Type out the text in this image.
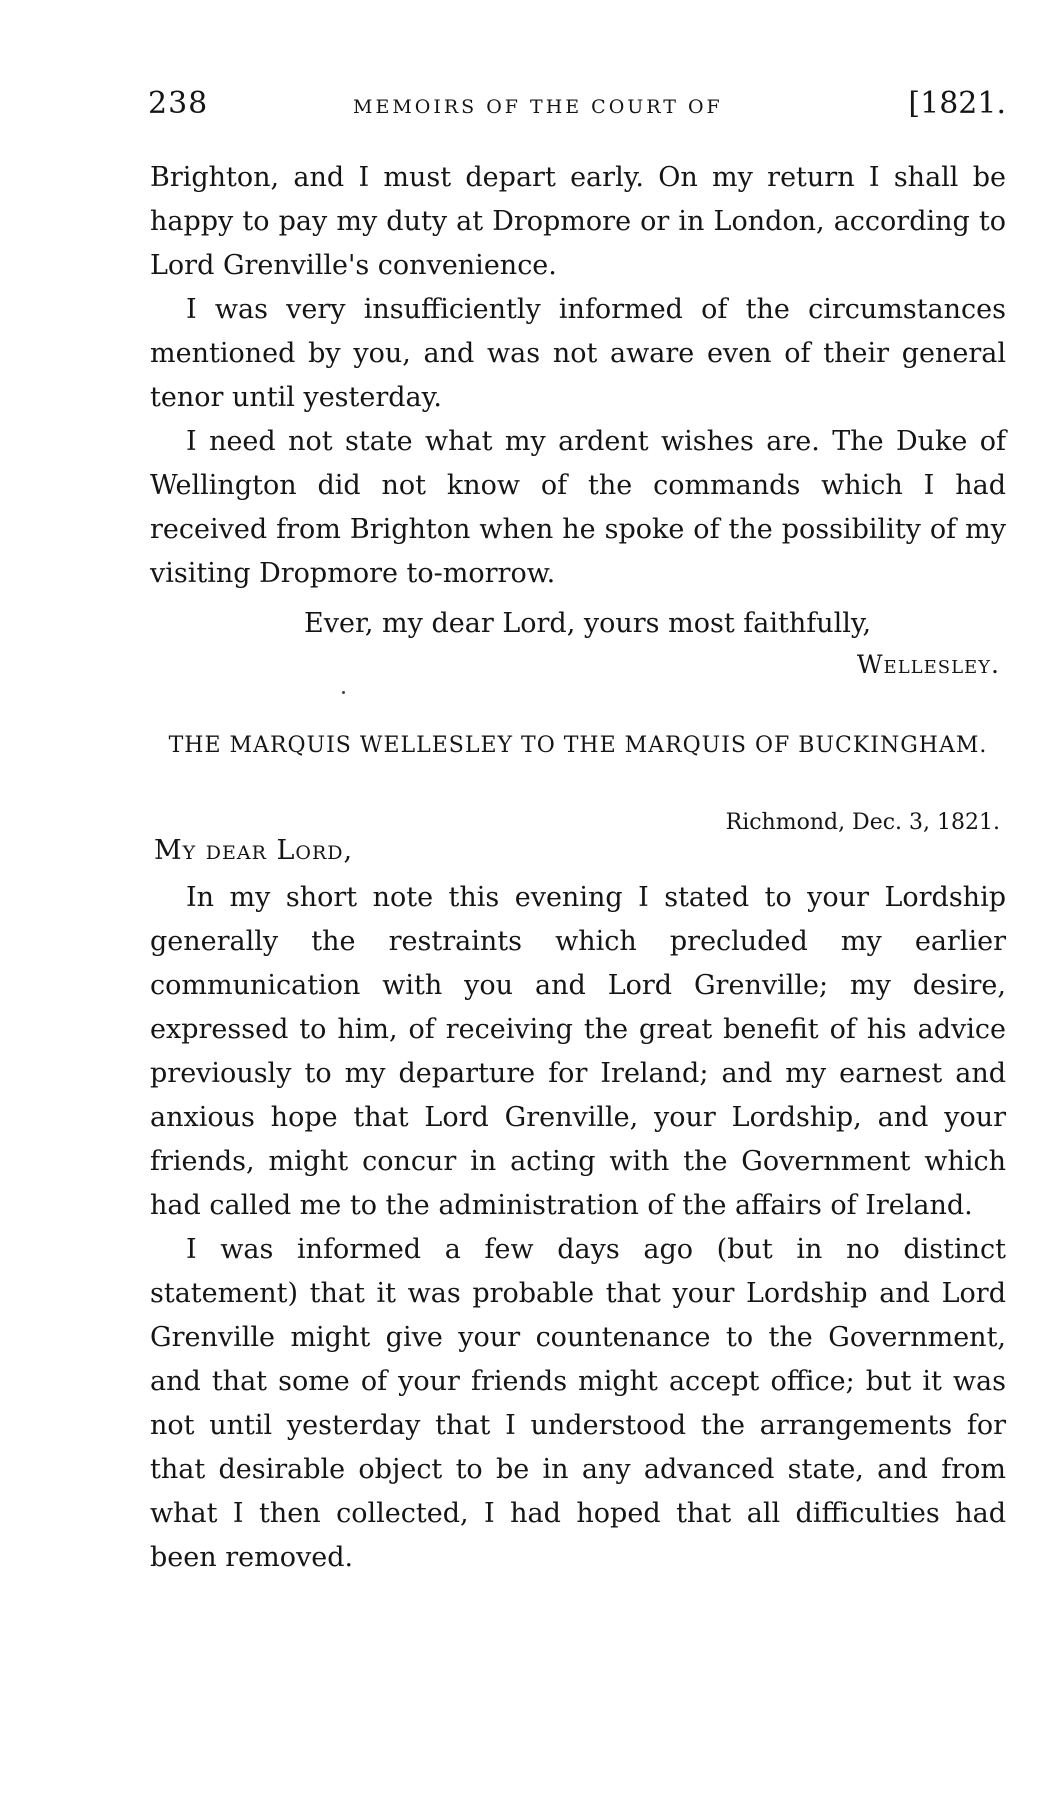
238	MEMOIRS OF THE COURT OF	[1821.

Brighton, and I must depart early. On my return I shall be happy to pay my duty at Dropmore or in London, according to Lord Grenville's convenience.

I was very insufficiently informed of the circumstances mentioned by you, and was not aware even of their general tenor until yesterday.

I need not state what my ardent wishes are. The Duke of Wellington did not know of the commands which I had received from Brighton when he spoke of the possibility of my visiting Dropmore to-morrow.

Ever, my dear Lord, yours most faithfully,
Wellesley.
THE MARQUIS WELLESLEY TO THE MARQUIS OF BUCKINGHAM.
Richmond, Dec. 3, 1821.
My dear Lord,

In my short note this evening I stated to your Lordship generally the restraints which precluded my earlier communication with you and Lord Grenville; my desire, expressed to him, of receiving the great benefit of his advice previously to my departure for Ireland; and my earnest and anxious hope that Lord Grenville, your Lordship, and your friends, might concur in acting with the Government which had called me to the administration of the affairs of Ireland.

I was informed a few days ago (but in no distinct statement) that it was probable that your Lordship and Lord Grenville might give your countenance to the Government, and that some of your friends might accept office; but it was not until yesterday that I understood the arrangements for that desirable object to be in any advanced state, and from what I then collected, I had hoped that all difficulties had been removed.
